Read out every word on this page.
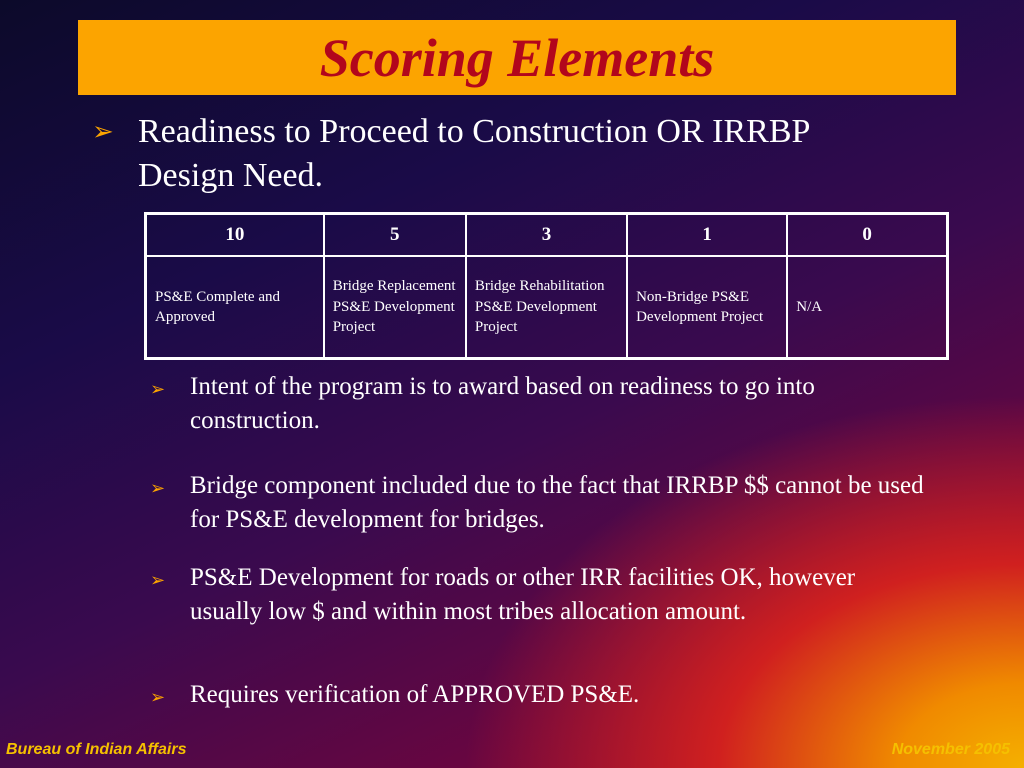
Scoring Elements
➢ Readiness to Proceed to Construction OR IRRBP Design Need.
10	5	3	1	0
PS&E Complete and Approved	Bridge Replacement PS&E Development Project	Bridge Rehabilitation PS&E Development Project	Non-Bridge PS&E Development Project	N/A
➢ Intent of the program is to award based on readiness to go into construction.
➢ Bridge component included due to the fact that IRRBP $$ cannot be used for PS&E development for bridges.
➢ PS&E Development for roads or other IRR facilities OK, however usually low $ and within most tribes allocation amount.
➢ Requires verification of APPROVED PS&E.
Bureau of Indian Affairs	November 2005
